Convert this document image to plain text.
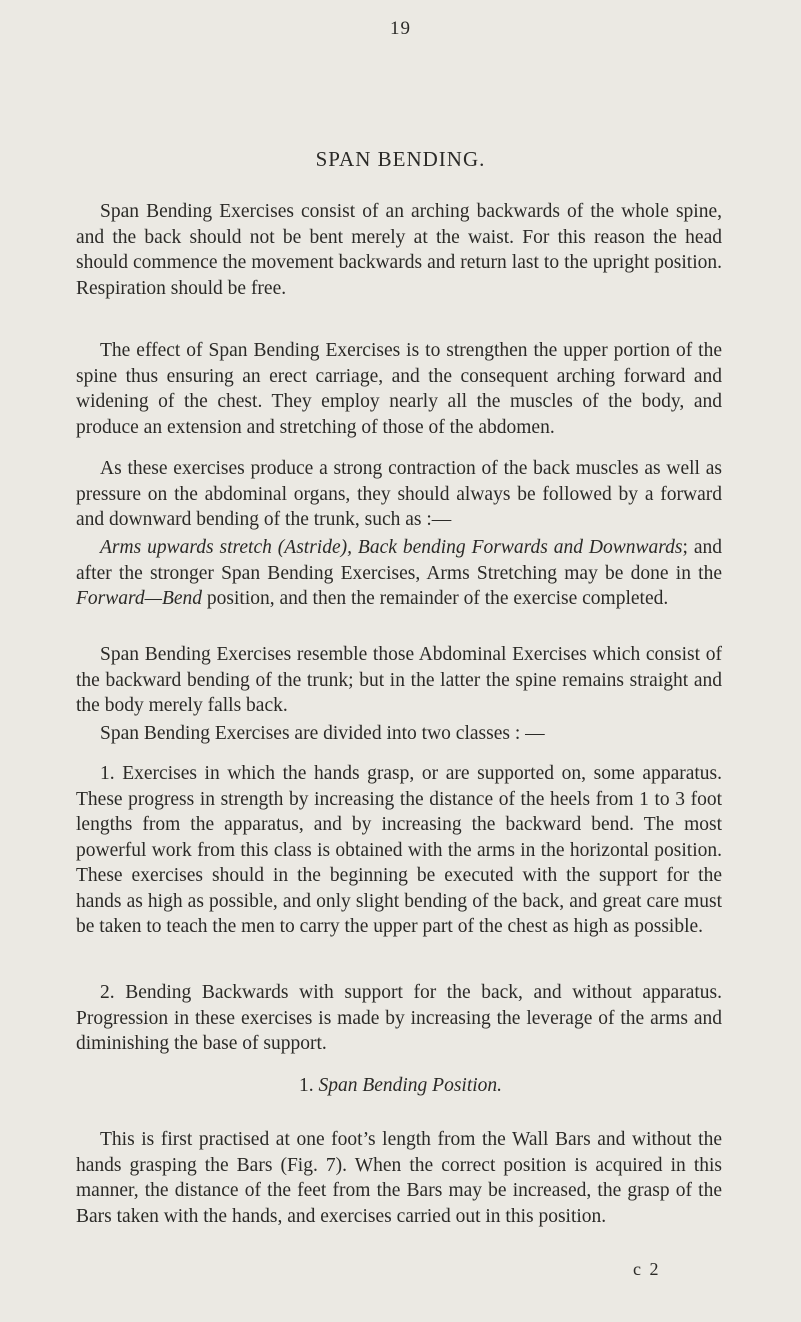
19
SPAN BENDING.

Span Bending Exercises consist of an arching backwards of the whole spine, and the back should not be bent merely at the waist. For this reason the head should commence the movement backwards and return last to the upright position. Respiration should be free.

The effect of Span Bending Exercises is to strengthen the upper portion of the spine thus ensuring an erect carriage, and the consequent arching forward and widening of the chest. They employ nearly all the muscles of the body, and produce an extension and stretching of those of the abdomen.

As these exercises produce a strong contraction of the back muscles as well as pressure on the abdominal organs, they should always be followed by a forward and downward bending of the trunk, such as :—

Arms upwards stretch (Astride), Back bending Forwards and Downwards; and after the stronger Span Bending Exercises, Arms Stretching may be done in the Forward—Bend position, and then the remainder of the exercise completed.

Span Bending Exercises resemble those Abdominal Exercises which consist of the backward bending of the trunk; but in the latter the spine remains straight and the body merely falls back.

Span Bending Exercises are divided into two classes : —

1. Exercises in which the hands grasp, or are supported on, some apparatus. These progress in strength by increasing the distance of the heels from 1 to 3 foot lengths from the apparatus, and by increasing the backward bend. The most powerful work from this class is obtained with the arms in the horizontal position. These exercises should in the beginning be executed with the support for the hands as high as possible, and only slight bending of the back, and great care must be taken to teach the men to carry the upper part of the chest as high as possible.

2. Bending Backwards with support for the back, and without apparatus. Progression in these exercises is made by increasing the leverage of the arms and diminishing the base of support.

1. Span Bending Position.

This is first practised at one foot’s length from the Wall Bars and without the hands grasping the Bars (Fig. 7). When the correct position is acquired in this manner, the distance of the feet from the Bars may be increased, the grasp of the Bars taken with the hands, and exercises carried out in this position.

c 2
